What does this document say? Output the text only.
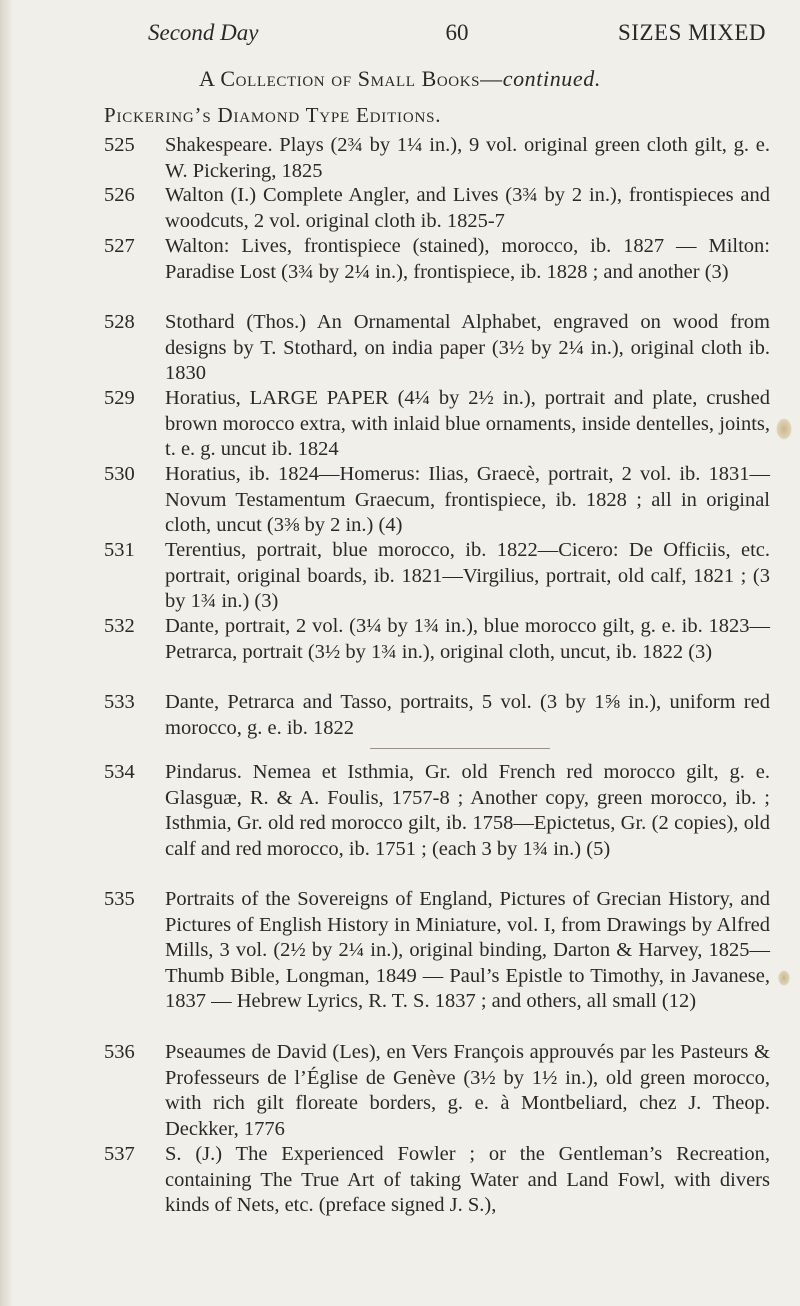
Second Day	60	SIZES MIXED
A Collection of Small Books—continued.
Pickering’s Diamond Type Editions.
525	Shakespeare. Plays (2¾ by 1¼ in.), 9 vol. original green cloth gilt, g. e. W. Pickering, 1825
526	Walton (I.) Complete Angler, and Lives (3¾ by 2 in.), frontispieces and woodcuts, 2 vol. original cloth ib. 1825-7
527	Walton: Lives, frontispiece (stained), morocco, ib. 1827 — Milton: Paradise Lost (3¾ by 2¼ in.), frontispiece, ib. 1828 ; and another (3)
528	Stothard (Thos.) An Ornamental Alphabet, engraved on wood from designs by T. Stothard, on india paper (3½ by 2¼ in.), original cloth ib. 1830
529	Horatius, LARGE PAPER (4¼ by 2½ in.), portrait and plate, crushed brown morocco extra, with inlaid blue ornaments, inside dentelles, joints, t. e. g. uncut ib. 1824
530	Horatius, ib. 1824—Homerus: Ilias, Graecè, portrait, 2 vol. ib. 1831—Novum Testamentum Graecum, frontispiece, ib. 1828 ; all in original cloth, uncut (3⅜ by 2 in.) (4)
531	Terentius, portrait, blue morocco, ib. 1822—Cicero: De Officiis, etc. portrait, original boards, ib. 1821—Virgilius, portrait, old calf, 1821 ; (3 by 1¾ in.) (3)
532	Dante, portrait, 2 vol. (3¼ by 1¾ in.), blue morocco gilt, g. e. ib. 1823—Petrarca, portrait (3½ by 1¾ in.), original cloth, uncut, ib. 1822 (3)
533	Dante, Petrarca and Tasso, portraits, 5 vol. (3 by 1⅝ in.), uniform red morocco, g. e. ib. 1822
534	Pindarus. Nemea et Isthmia, Gr. old French red morocco gilt, g. e. Glasguæ, R. & A. Foulis, 1757-8 ; Another copy, green morocco, ib. ; Isthmia, Gr. old red morocco gilt, ib. 1758—Epictetus, Gr. (2 copies), old calf and red morocco, ib. 1751 ; (each 3 by 1¾ in.) (5)
535	Portraits of the Sovereigns of England, Pictures of Grecian History, and Pictures of English History in Miniature, vol. I, from Drawings by Alfred Mills, 3 vol. (2½ by 2¼ in.), original binding, Darton & Harvey, 1825—Thumb Bible, Longman, 1849 — Paul’s Epistle to Timothy, in Javanese, 1837 — Hebrew Lyrics, R. T. S. 1837 ; and others, all small (12)
536	Pseaumes de David (Les), en Vers François approuvés par les Pasteurs & Professeurs de l’Église de Genève (3½ by 1½ in.), old green morocco, with rich gilt floreate borders, g. e. à Montbeliard, chez J. Theop. Deckker, 1776
537	S. (J.) The Experienced Fowler ; or the Gentleman’s Recreation, containing The True Art of taking Water and Land Fowl, with divers kinds of Nets, etc. (preface signed J. S.),
